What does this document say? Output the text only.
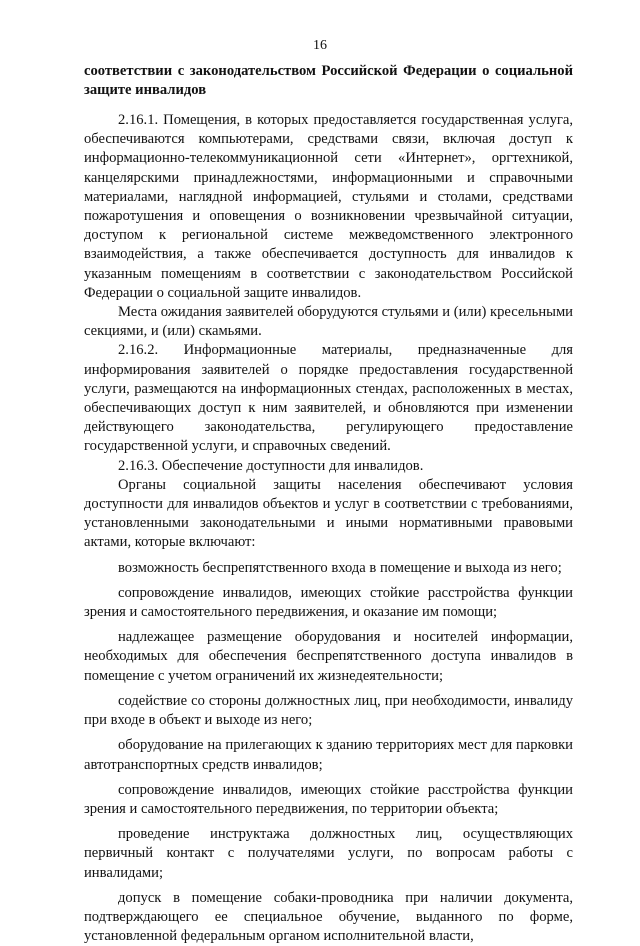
16
соответствии с законодательством Российской Федерации о социальной защите инвалидов

2.16.1. Помещения, в которых предоставляется государственная услуга, обеспечиваются компьютерами, средствами связи, включая доступ к информационно-телекоммуникационной сети «Интернет», оргтехникой, канцелярскими принадлежностями, информационными и справочными материалами, наглядной информацией, стульями и столами, средствами пожаротушения и оповещения о возникновении чрезвычайной ситуации, доступом к региональной системе межведомственного электронного взаимодействия, а также обеспечивается доступность для инвалидов к указанным помещениям в соответствии с законодательством Российской Федерации о социальной защите инвалидов.

Места ожидания заявителей оборудуются стульями и (или) кресельными секциями, и (или) скамьями.

2.16.2. Информационные материалы, предназначенные для информирования заявителей о порядке предоставления государственной услуги, размещаются на информационных стендах, расположенных в местах, обеспечивающих доступ к ним заявителей, и обновляются при изменении действующего законодательства, регулирующего предоставление государственной услуги, и справочных сведений.

2.16.3. Обеспечение доступности для инвалидов.

Органы социальной защиты населения обеспечивают условия доступности для инвалидов объектов и услуг в соответствии с требованиями, установленными законодательными и иными нормативными правовыми актами, которые включают:

возможность беспрепятственного входа в помещение и выхода из него;

сопровождение инвалидов, имеющих стойкие расстройства функции зрения и самостоятельного передвижения, и оказание им помощи;

надлежащее размещение оборудования и носителей информации, необходимых для обеспечения беспрепятственного доступа инвалидов в помещение с учетом ограничений их жизнедеятельности;

содействие со стороны должностных лиц, при необходимости, инвалиду при входе в объект и выходе из него;

оборудование на прилегающих к зданию территориях мест для парковки автотранспортных средств инвалидов;

сопровождение инвалидов, имеющих стойкие расстройства функции зрения и самостоятельного передвижения, по территории объекта;

проведение инструктажа должностных лиц, осуществляющих первичный контакт с получателями услуги, по вопросам работы с инвалидами;

допуск в помещение собаки-проводника при наличии документа, подтверждающего ее специальное обучение, выданного по форме, установленной федеральным органом исполнительной власти,
